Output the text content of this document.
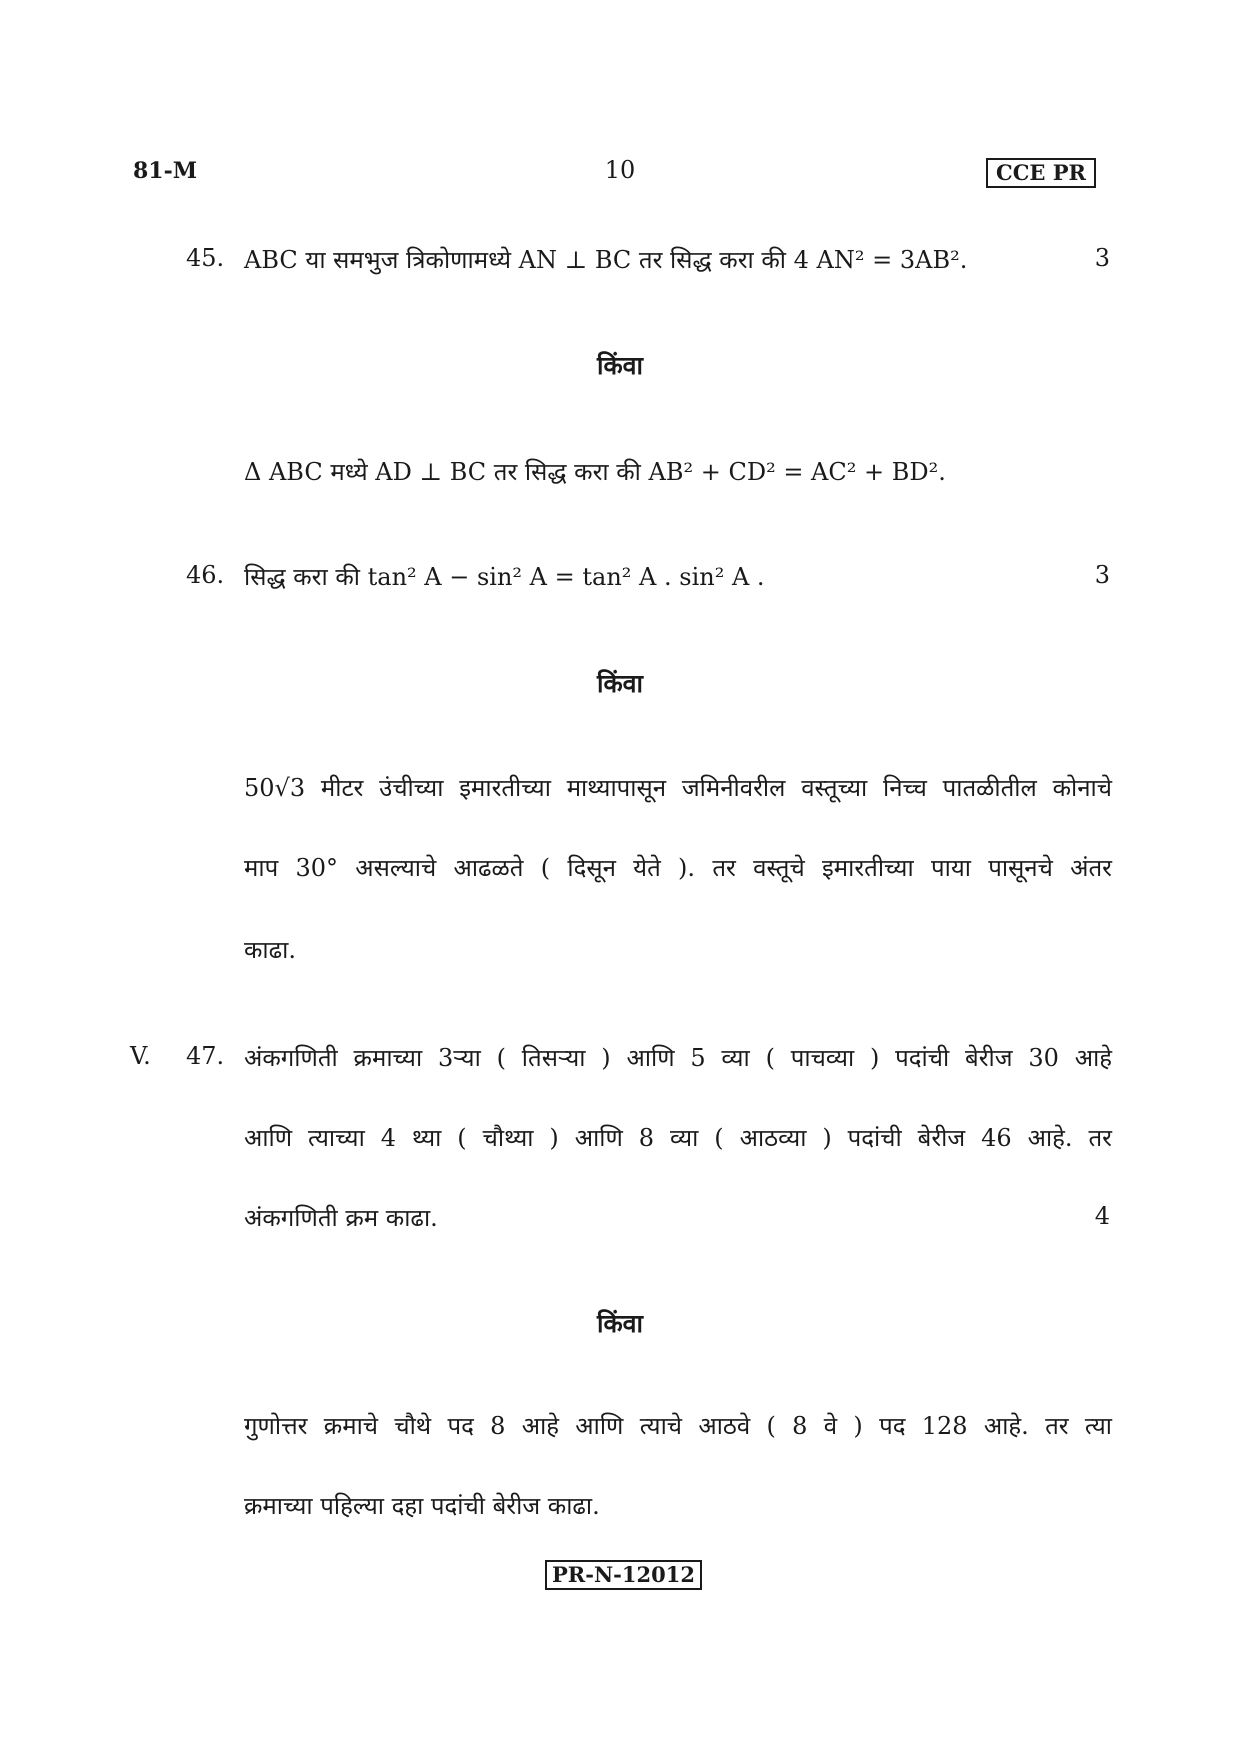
81-M	10	CCE PR
45. ABC या समभुज त्रिकोणामध्ये AN ⊥ BC तर सिद्ध करा की 4 AN² = 3AB².	3
किंवा
Δ ABC मध्ये AD ⊥ BC तर सिद्ध करा की AB² + CD² = AC² + BD².
46. सिद्ध करा की tan² A − sin² A = tan² A . sin² A .	3
किंवा
50√3 मीटर उंचीच्या इमारतीच्या माथ्यापासून जमिनीवरील वस्तूच्या निच्च पातळीतील कोनाचे
माप 30° असल्याचे आढळते ( दिसून येते ). तर वस्तूचे इमारतीच्या पाया पासूनचे अंतर
काढा.
V. 47. अंकगणिती क्रमाच्या 3ऱ्या ( तिसऱ्या ) आणि 5 व्या ( पाचव्या ) पदांची बेरीज 30 आहे
आणि त्याच्या 4 थ्या ( चौथ्या ) आणि 8 व्या ( आठव्या ) पदांची बेरीज 46 आहे. तर
अंकगणिती क्रम काढा.	4
किंवा
गुणोत्तर क्रमाचे चौथे पद 8 आहे आणि त्याचे आठवे ( 8 वे ) पद 128 आहे. तर त्या
क्रमाच्या पहिल्या दहा पदांची बेरीज काढा.
PR-N-12012
